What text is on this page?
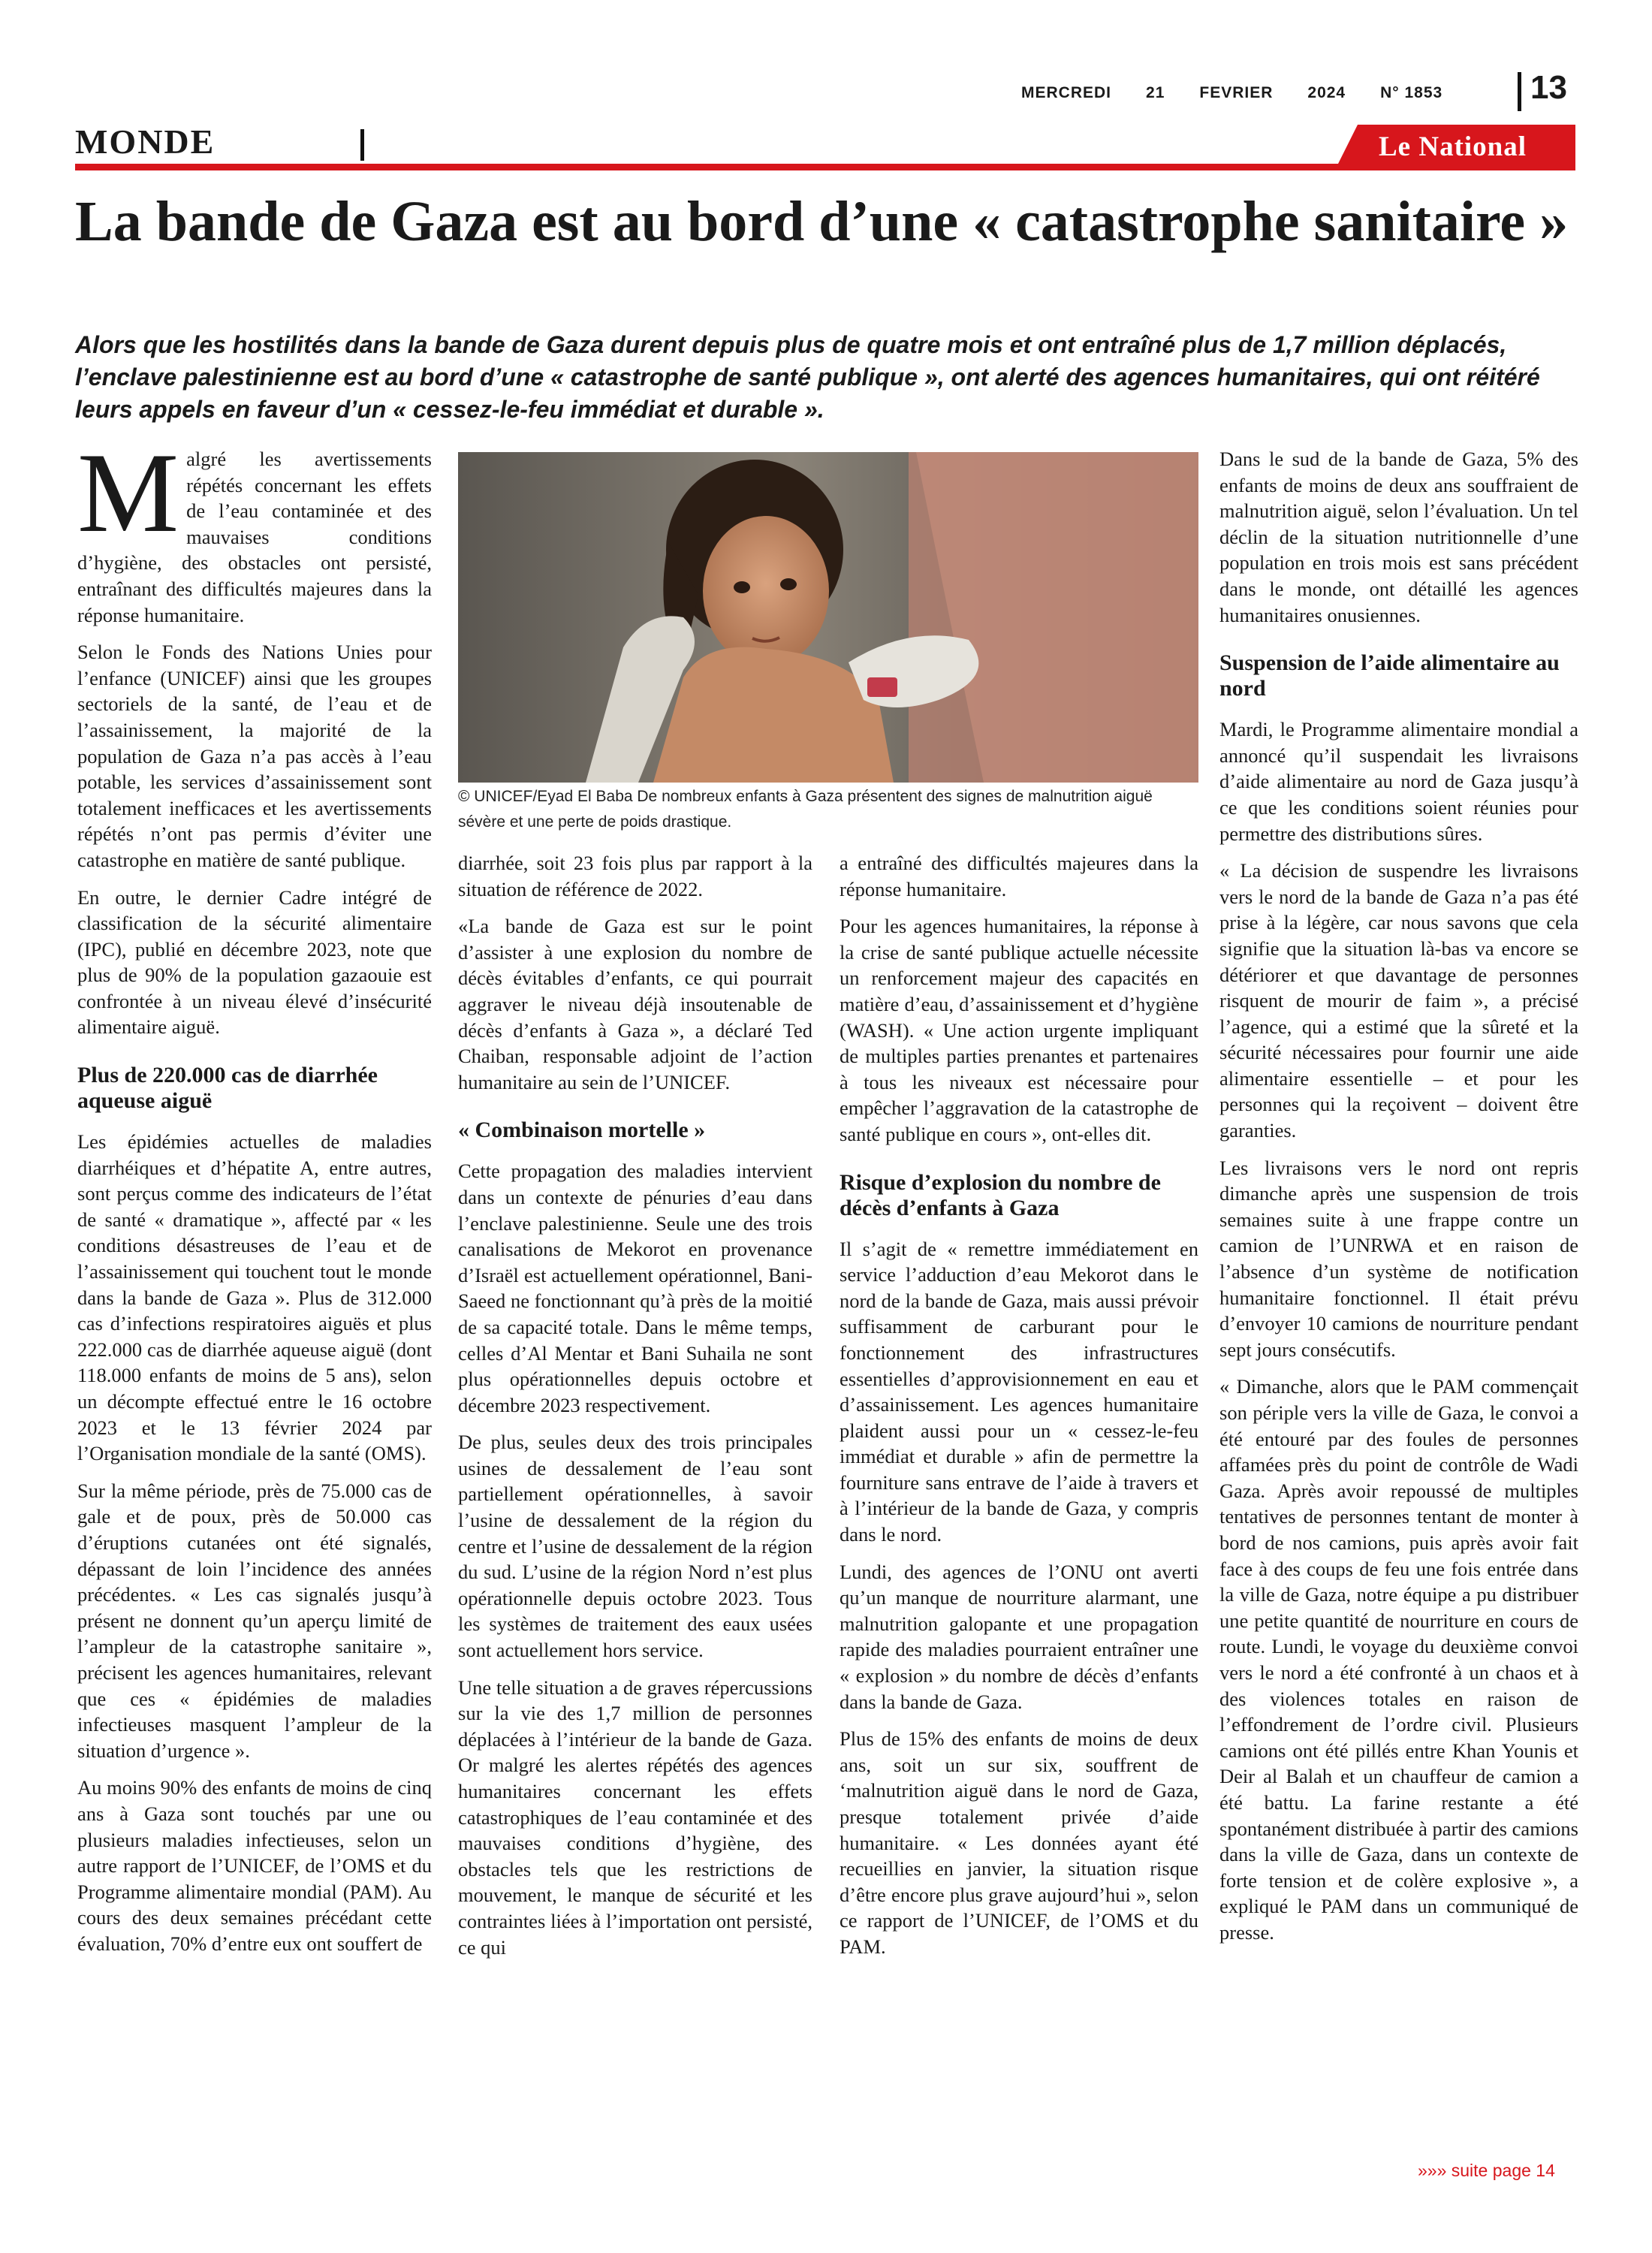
MERCREDI 21 FEVRIER 2024 N° 1853	13
MONDE	Le National
La bande de Gaza est au bord d’une « catastrophe sanitaire »
Alors que les hostilités dans la bande de Gaza durent depuis plus de quatre mois et ont entraîné plus de 1,7 million déplacés, l’enclave palestinienne est au bord d’une « catastrophe de santé publique », ont alerté des agences humanitaires, qui ont réitéré leurs appels en faveur d’un « cessez-le-feu immédiat et durable ».

Malgré les avertissements répétés concernant les effets de l’eau contaminée et des mauvaises conditions d’hygiène, des obstacles ont persisté, entraînant des difficultés majeures dans la réponse humanitaire.

Selon le Fonds des Nations Unies pour l’enfance (UNICEF) ainsi que les groupes sectoriels de la santé, de l’eau et de l’assainissement, la majorité de la population de Gaza n’a pas accès à l’eau potable, les services d’assainissement sont totalement inefficaces et les avertissements répétés n’ont pas permis d’éviter une catastrophe en matière de santé publique.

En outre, le dernier Cadre intégré de classification de la sécurité alimentaire (IPC), publié en décembre 2023, note que plus de 90% de la population gazaouie est confrontée à un niveau élevé d’insécurité alimentaire aiguë.

Plus de 220.000 cas de diarrhée aqueuse aiguë

Les épidémies actuelles de maladies diarrhéiques et d’hépatite A, entre autres, sont perçus comme des indicateurs de l’état de santé « dramatique », affecté par « les conditions désastreuses de l’eau et de l’assainissement qui touchent tout le monde dans la bande de Gaza ». Plus de 312.000 cas d’infections respiratoires aiguës et plus 222.000 cas de diarrhée aqueuse aiguë (dont 118.000 enfants de moins de 5 ans), selon un décompte effectué entre le 16 octobre 2023 et le 13 février 2024 par l’Organisation mondiale de la santé (OMS).

Sur la même période, près de 75.000 cas de gale et de poux, près de 50.000 cas d’éruptions cutanées ont été signalés, dépassant de loin l’incidence des années précédentes. « Les cas signalés jusqu’à présent ne donnent qu’un aperçu limité de l’ampleur de la catastrophe sanitaire », précisent les agences humanitaires, relevant que ces « épidémies de maladies infectieuses masquent l’ampleur de la situation d’urgence ».

Au moins 90% des enfants de moins de cinq ans à Gaza sont touchés par une ou plusieurs maladies infectieuses, selon un autre rapport de l’UNICEF, de l’OMS et du Programme alimentaire mondial (PAM). Au cours des deux semaines précédant cette évaluation, 70% d’entre eux ont souffert de

© UNICEF/Eyad El Baba De nombreux enfants à Gaza présentent des signes de malnutrition aiguë sévère et une perte de poids drastique.

diarrhée, soit 23 fois plus par rapport à la situation de référence de 2022.

«La bande de Gaza est sur le point d’assister à une explosion du nombre de décès évitables d’enfants, ce qui pourrait aggraver le niveau déjà insoutenable de décès d’enfants à Gaza », a déclaré Ted Chaiban, responsable adjoint de l’action humanitaire au sein de l’UNICEF.

« Combinaison mortelle »

Cette propagation des maladies intervient dans un contexte de pénuries d’eau dans l’enclave palestinienne. Seule une des trois canalisations de Mekorot en provenance d’Israël est actuellement opérationnel, Bani-Saeed ne fonctionnant qu’à près de la moitié de sa capacité totale. Dans le même temps, celles d’Al Mentar et Bani Suhaila ne sont plus opérationnelles depuis octobre et décembre 2023 respectivement.

De plus, seules deux des trois principales usines de dessalement de l’eau sont partiellement opérationnelles, à savoir l’usine de dessalement de la région du centre et l’usine de dessalement de la région du sud. L’usine de la région Nord n’est plus opérationnelle depuis octobre 2023. Tous les systèmes de traitement des eaux usées sont actuellement hors service.

Une telle situation a de graves répercussions sur la vie des 1,7 million de personnes déplacées à l’intérieur de la bande de Gaza. Or malgré les alertes répétés des agences humanitaires concernant les effets catastrophiques de l’eau contaminée et des mauvaises conditions d’hygiène, des obstacles tels que les restrictions de mouvement, le manque de sécurité et les contraintes liées à l’importation ont persisté, ce qui

a entraîné des difficultés majeures dans la réponse humanitaire.

Pour les agences humanitaires, la réponse à la crise de santé publique actuelle nécessite un renforcement majeur des capacités en matière d’eau, d’assainissement et d’hygiène (WASH). « Une action urgente impliquant de multiples parties prenantes et partenaires à tous les niveaux est nécessaire pour empêcher l’aggravation de la catastrophe de santé publique en cours », ont-elles dit.

Risque d’explosion du nombre de décès d’enfants à Gaza

Il s’agit de « remettre immédiatement en service l’adduction d’eau Mekorot dans le nord de la bande de Gaza, mais aussi prévoir suffisamment de carburant pour le fonctionnement des infrastructures essentielles d’approvisionnement en eau et d’assainissement. Les agences humanitaire plaident aussi pour un « cessez-le-feu immédiat et durable » afin de permettre la fourniture sans entrave de l’aide à travers et à l’intérieur de la bande de Gaza, y compris dans le nord.

Lundi, des agences de l’ONU ont averti qu’un manque de nourriture alarmant, une malnutrition galopante et une propagation rapide des maladies pourraient entraîner une « explosion » du nombre de décès d’enfants dans la bande de Gaza.

Plus de 15% des enfants de moins de deux ans, soit un sur six, souffrent de ‘malnutrition aiguë dans le nord de Gaza, presque totalement privée d’aide humanitaire. « Les données ayant été recueillies en janvier, la situation risque d’être encore plus grave aujourd’hui », selon ce rapport de l’UNICEF, de l’OMS et du PAM.

Dans le sud de la bande de Gaza, 5% des enfants de moins de deux ans souffraient de malnutrition aiguë, selon l’évaluation. Un tel déclin de la situation nutritionnelle d’une population en trois mois est sans précédent dans le monde, ont détaillé les agences humanitaires onusiennes.

Suspension de l’aide alimentaire au nord

Mardi, le Programme alimentaire mondial a annoncé qu’il suspendait les livraisons d’aide alimentaire au nord de Gaza jusqu’à ce que les conditions soient réunies pour permettre des distributions sûres.

« La décision de suspendre les livraisons vers le nord de la bande de Gaza n’a pas été prise à la légère, car nous savons que cela signifie que la situation là-bas va encore se détériorer et que davantage de personnes risquent de mourir de faim », a précisé l’agence, qui a estimé que la sûreté et la sécurité nécessaires pour fournir une aide alimentaire essentielle – et pour les personnes qui la reçoivent – doivent être garanties.

Les livraisons vers le nord ont repris dimanche après une suspension de trois semaines suite à une frappe contre un camion de l’UNRWA et en raison de l’absence d’un système de notification humanitaire fonctionnel. Il était prévu d’envoyer 10 camions de nourriture pendant sept jours consécutifs.

« Dimanche, alors que le PAM commençait son périple vers la ville de Gaza, le convoi a été entouré par des foules de personnes affamées près du point de contrôle de Wadi Gaza. Après avoir repoussé de multiples tentatives de personnes tentant de monter à bord de nos camions, puis après avoir fait face à des coups de feu une fois entrée dans la ville de Gaza, notre équipe a pu distribuer une petite quantité de nourriture en cours de route. Lundi, le voyage du deuxième convoi vers le nord a été confronté à un chaos et à des violences totales en raison de l’effondrement de l’ordre civil. Plusieurs camions ont été pillés entre Khan Younis et Deir al Balah et un chauffeur de camion a été battu. La farine restante a été spontanément distribuée à partir des camions dans la ville de Gaza, dans un contexte de forte tension et de colère explosive », a expliqué le PAM dans un communiqué de presse.

»»» suite page 14
